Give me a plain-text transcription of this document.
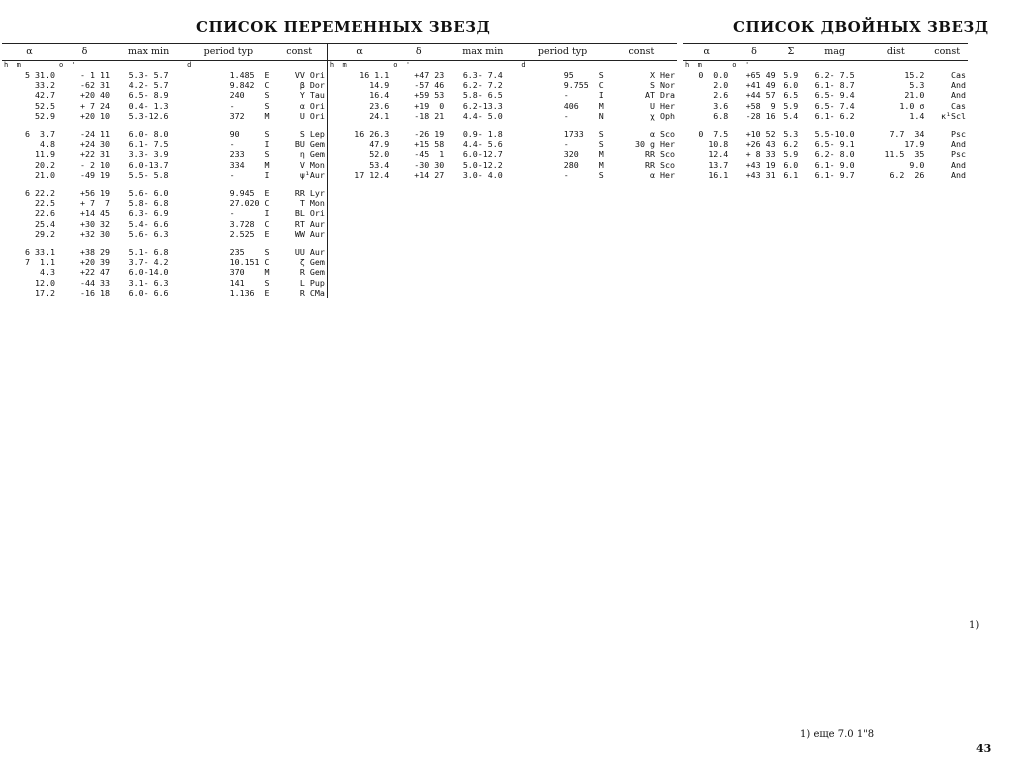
СПИСОК ПЕРЕМЕННЫХ ЗВЕЗД	СПИСОК ДВОЙНЫХ ЗВЕЗД
α	δ	max min	period typ	const	α	δ	max min	period typ	const
h  m	o  '		d		h  m	o  '		d	
5 31.0	- 1 11	5.3- 5.7	1.485  E	VV Ori	16 1.1	+47 23	6.3- 7.4	95     S	X Her
33.2	-62 31	4.2- 5.7	9.842  C	β Dor	14.9	-57 46	6.2- 7.2	9.755  C	S Nor
42.7	+20 40	6.5- 8.9	240    S	Y Tau	16.4	+59 53	5.8- 6.5	-      I	AT Dra
52.5	+ 7 24	0.4- 1.3	-      S	α Ori	23.6	+19  0	6.2-13.3	406    M	U Her
52.9	+20 10	5.3-12.6	372    M	U Ori	24.1	-18 21	4.4- 5.0	-      N	χ Oph

6  3.7	-24 11	6.0- 8.0	90     S	S Lep	16 26.3	-26 19	0.9- 1.8	1733   S	α Sco
4.8	+24 30	6.1- 7.5	-      I	BU Gem	47.9	+15 58	4.4- 5.6	-      S	30 g Her
11.9	+22 31	3.3- 3.9	233    S	η Gem	52.0	-45  1	6.0-12.7	320    M	RR Sco
20.2	- 2 10	6.0-13.7	334    M	V Mon	53.4	-30 30	5.0-12.2	280    M	RR Sco
21.0	-49 19	5.5- 5.8	-      I	ψ¹Aur	17 12.4	+14 27	3.0- 4.0	-      S	α Her

6 22.2	+56 19	5.6- 6.0	9.945  E	RR Lyr					
22.5	+ 7  7	5.8- 6.8	27.020 C	T Mon					
22.6	+14 45	6.3- 6.9	-      I	BL Ori					
25.4	+30 32	5.4- 6.6	3.728  C	RT Aur					
29.2	+32 30	5.6- 6.3	2.525  E	WW Aur					

6 33.1	+38 29	5.1- 6.8	235    S	UU Aur					
7  1.1	+20 39	3.7- 4.2	10.151 C	ζ Gem					
4.3	+22 47	6.0-14.0	370    M	R Gem					
12.0	-44 33	3.1- 6.3	141    S	L Pup					
17.2	-16 18	6.0- 6.6	1.136  E	R CMa					
α	δ	Σ	mag	dist	const
h  m	o  '				
0  0.0	+65 49	5.9	6.2- 7.5	15.2	Cas
2.0	+41 49	6.0	6.1- 8.7	5.3	And
2.6	+44 57	6.5	6.5- 9.4	21.0	And
3.6	+58  9	5.9	6.5- 7.4	1.0 σ	Cas
6.8	-28 16	5.4	6.1- 6.2	1.4	κ¹Scl

0  7.5	+10 52	5.3	5.5-10.0	7.7  34	Psc
10.8	+26 43	6.2	6.5- 9.1	17.9	And
12.4	+ 8 33	5.9	6.2- 8.0	11.5  35	Psc
13.7	+43 19	6.0	6.1- 9.0	9.0	And
16.1	+43 31	6.1	6.1- 9.7	6.2  26	And
1)
1) еще 7.0 1"8
43
